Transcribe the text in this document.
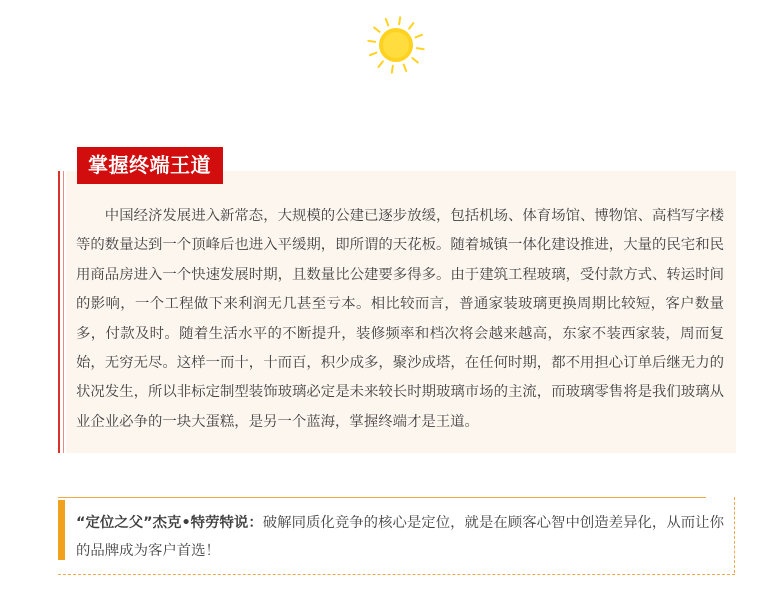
掌握终端王道

中国经济发展进入新常态，大规模的公建已逐步放缓，包括机场、体育场馆、博物馆、高档写字楼等的数量达到一个顶峰后也进入平缓期，即所谓的天花板。随着城镇一体化建设推进，大量的民宅和民用商品房进入一个快速发展时期，且数量比公建要多得多。由于建筑工程玻璃，受付款方式、转运时间的影响，一个工程做下来利润无几甚至亏本。相比较而言，普通家装玻璃更换周期比较短，客户数量多，付款及时。随着生活水平的不断提升，装修频率和档次将会越来越高，东家不装西家装，周而复始，无穷无尽。这样一而十，十而百，积少成多，聚沙成塔，在任何时期，都不用担心订单后继无力的状况发生，所以非标定制型装饰玻璃必定是未来较长时期玻璃市场的主流，而玻璃零售将是我们玻璃从业企业必争的一块大蛋糕，是另一个蓝海，掌握终端才是王道。

“定位之父”杰克•特劳特说：破解同质化竞争的核心是定位，就是在顾客心智中创造差异化，从而让你的品牌成为客户首选！
